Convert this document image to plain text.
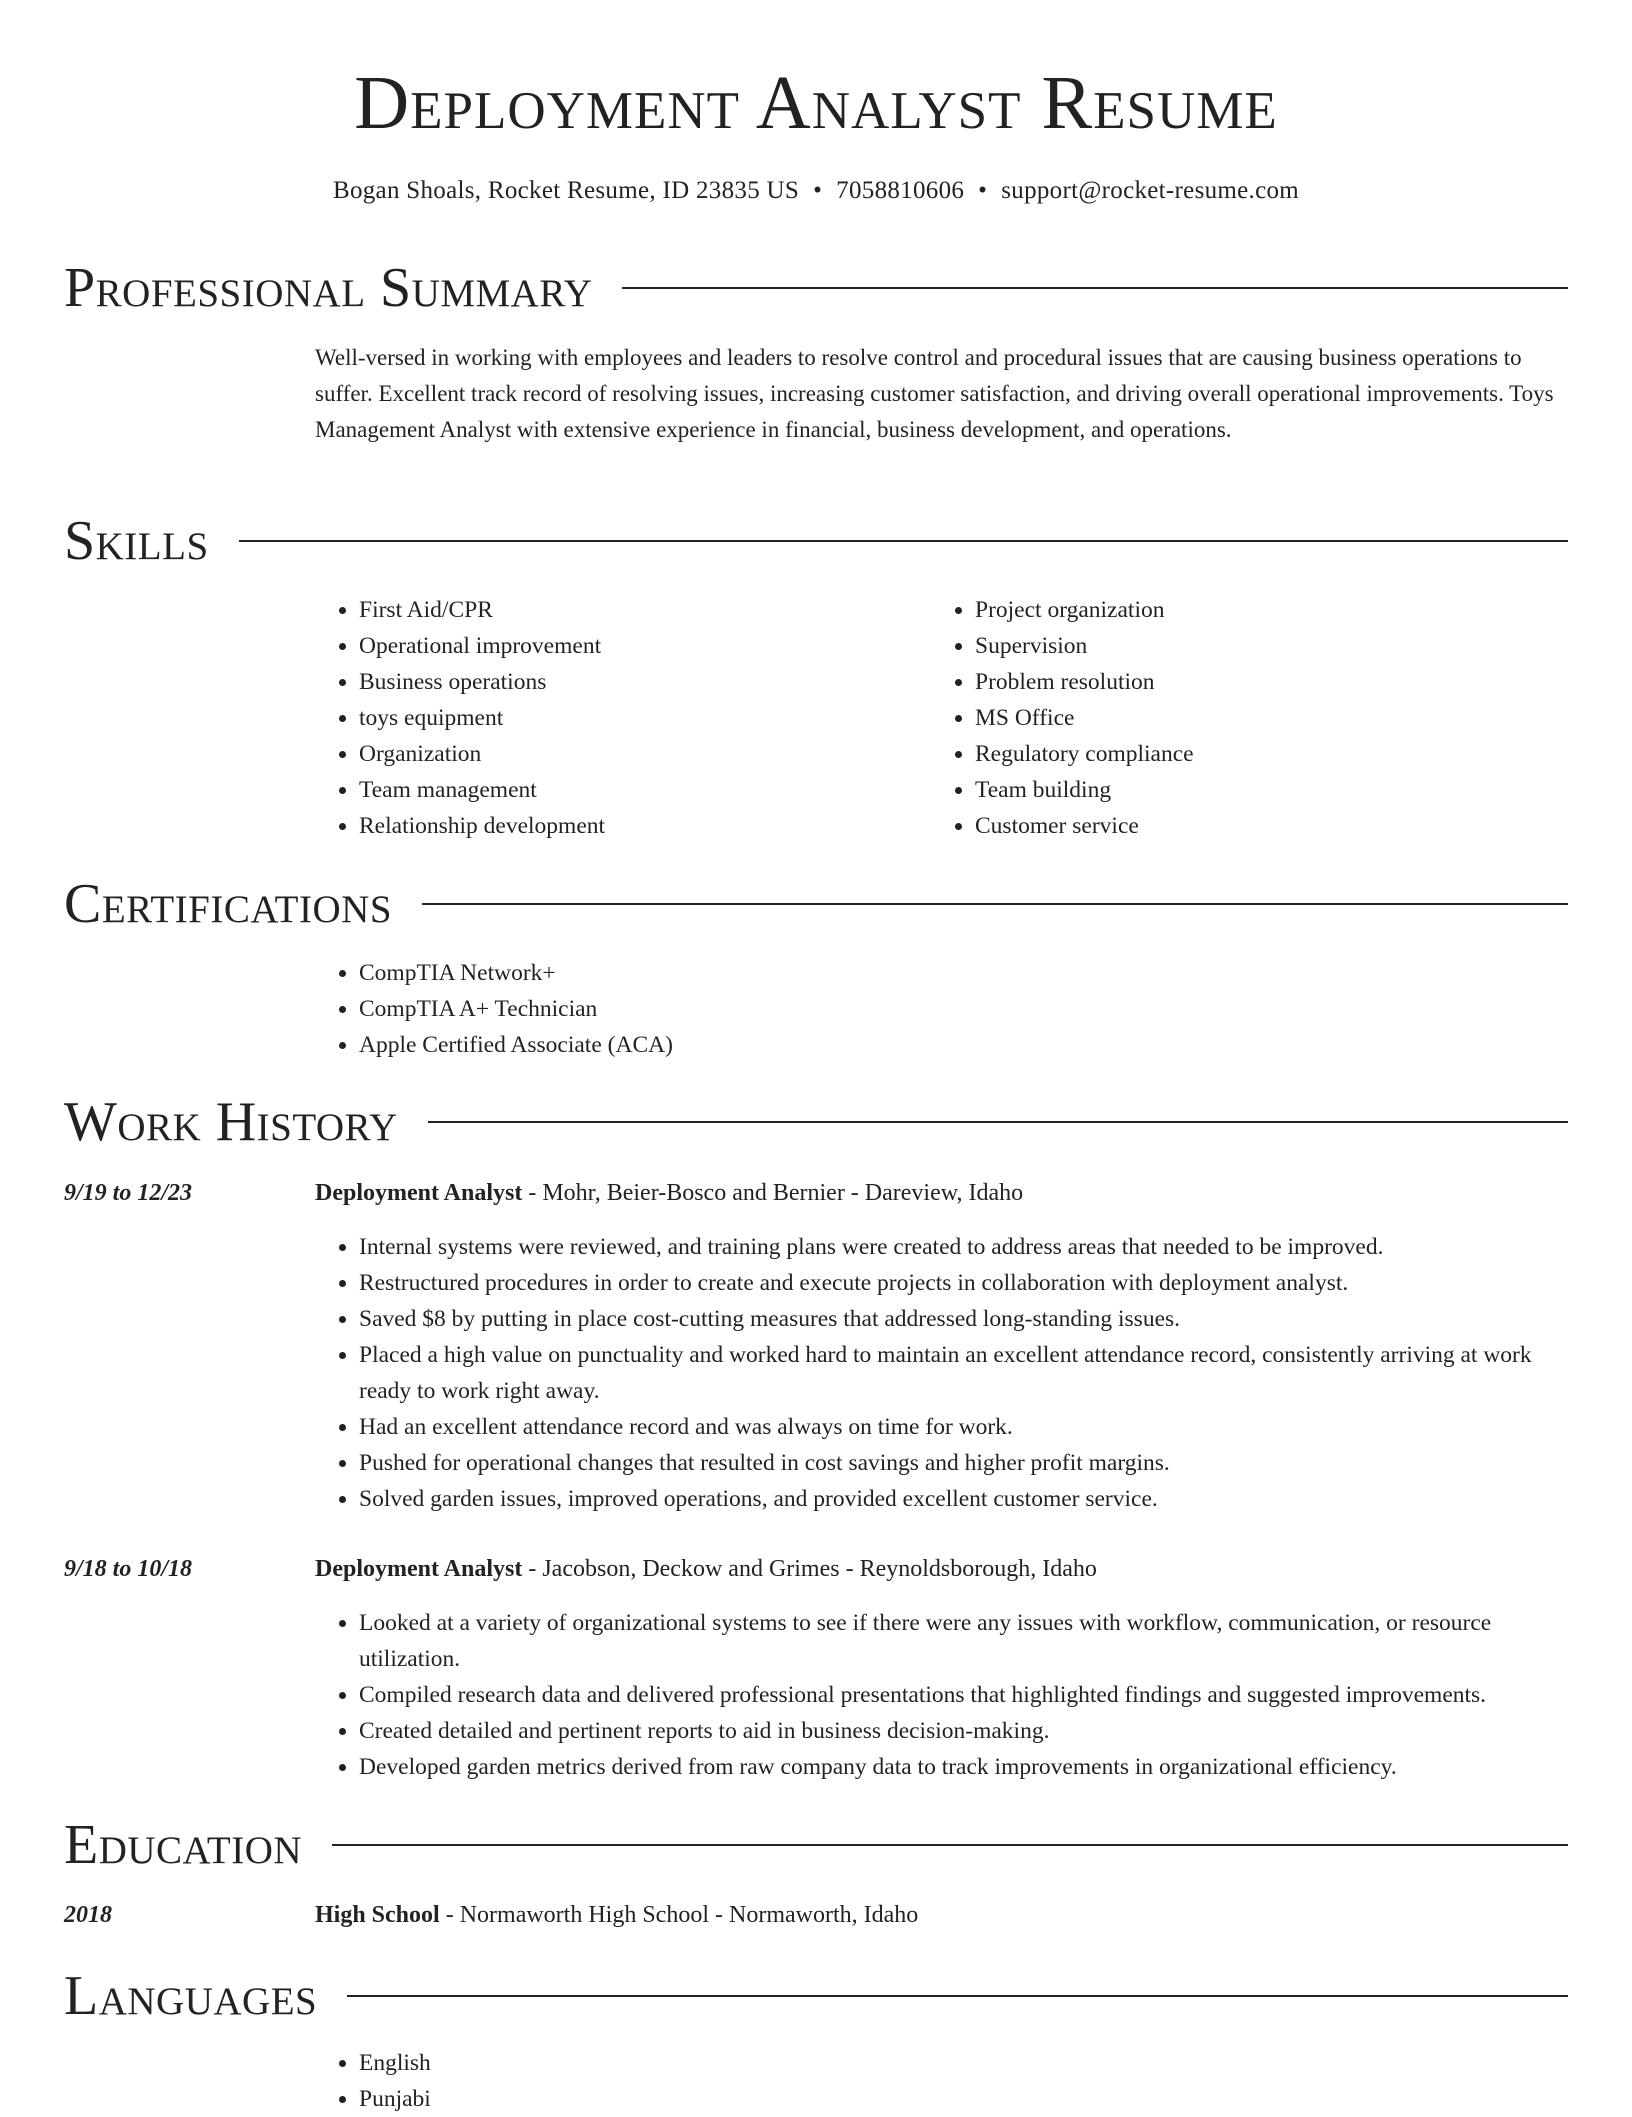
Deployment Analyst Resume
Bogan Shoals, Rocket Resume, ID 23835 US • 7058810606 • support@rocket-resume.com
Professional Summary

Well-versed in working with employees and leaders to resolve control and procedural issues that are causing business operations to suffer. Excellent track record of resolving issues, increasing customer satisfaction, and driving overall operational improvements. Toys Management Analyst with extensive experience in financial, business development, and operations.

Skills
• First Aid/CPR
• Operational improvement
• Business operations
• toys equipment
• Organization
• Team management
• Relationship development
• Project organization
• Supervision
• Problem resolution
• MS Office
• Regulatory compliance
• Team building
• Customer service
Certifications
• CompTIA Network+
• CompTIA A+ Technician
• Apple Certified Associate (ACA)
Work History
9/19 to 12/23	Deployment Analyst - Mohr, Beier-Bosco and Bernier - Dareview, Idaho
• Internal systems were reviewed, and training plans were created to address areas that needed to be improved.
• Restructured procedures in order to create and execute projects in collaboration with deployment analyst.
• Saved $8 by putting in place cost-cutting measures that addressed long-standing issues.
• Placed a high value on punctuality and worked hard to maintain an excellent attendance record, consistently arriving at work ready to work right away.
• Had an excellent attendance record and was always on time for work.
• Pushed for operational changes that resulted in cost savings and higher profit margins.
• Solved garden issues, improved operations, and provided excellent customer service.
9/18 to 10/18	Deployment Analyst - Jacobson, Deckow and Grimes - Reynoldsborough, Idaho
• Looked at a variety of organizational systems to see if there were any issues with workflow, communication, or resource utilization.
• Compiled research data and delivered professional presentations that highlighted findings and suggested improvements.
• Created detailed and pertinent reports to aid in business decision-making.
• Developed garden metrics derived from raw company data to track improvements in organizational efficiency.
Education
2018	High School - Normaworth High School - Normaworth, Idaho
Languages
• English
• Punjabi
